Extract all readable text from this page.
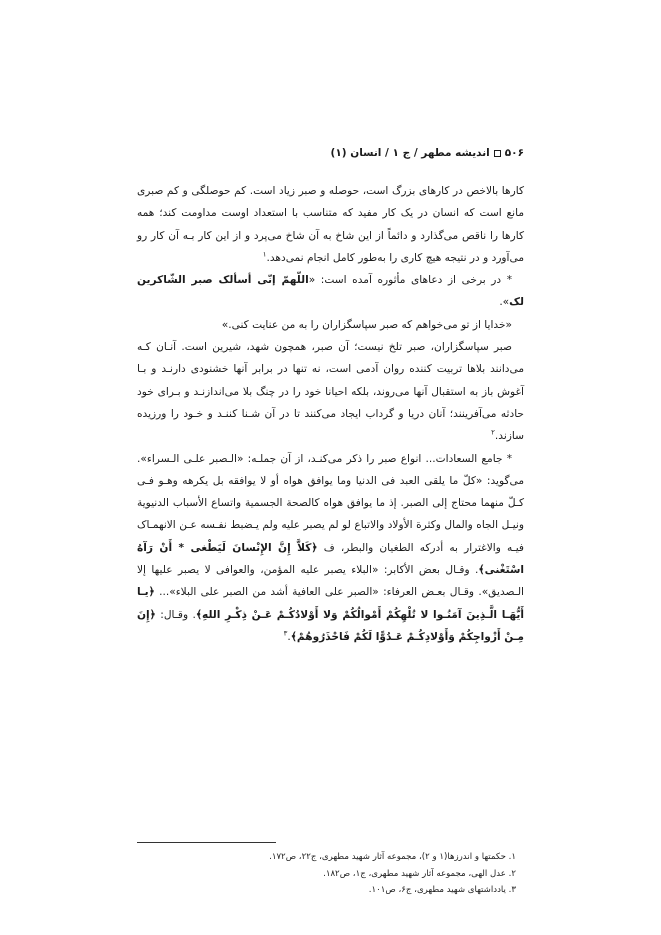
۵۰۶
اندیشه مطهر / ج ۱ / انسان (۱)

کارها بالاخص در کارهای بزرگ است، حوصله و صبر زیاد است. کم حوصلگی و کم صبری مانع است که انسان در یک کار مفید که متناسب با استعداد اوست مداومت کند؛ همه کارها را ناقص می‌گذارد و دائماً از این شاخ به آن شاخ می‌پرد و از این کار بـه آن کار رو می‌آورد و در نتیجه هیچ کاری را به‌طور کامل انجام نمی‌دهد.$^۱$

* در برخی از دعاهای مأثوره آمده است: «اللّهمّ إنّی أسألک صبر الشّاکرین لک».

«خدایا از تو می‌خواهم که صبر سپاسگزاران را به من عنایت کنی.»

صبر سپاسگزاران، صبر تلخ نیست؛ آن صبر، همچون شهد، شیرین است. آنـان کـه می‌دانند بلاها تربیت کننده روان آدمی است، نه تنها در برابر آنها خشنودی دارنـد و بـا آغوش باز به استقبال آنها می‌روند، بلکه احیانا خود را در چنگ بلا می‌اندازنـد و بـرای خود حادثه می‌آفرینند؛ آنان دریا و گرداب ایجاد می‌کنند تا در آن شـنا کننـد و خـود را ورزیده سازند.$^۲$

* جامع السعادات... انواع صبر را ذکر می‌کنـد، از آن جملـه: «الـصبر علـی الـسراء». می‌گوید: «کلّ ما یلقی العبد فی الدنیا وما یوافق هواه أو لا یوافقه بل یکرهه وهـو فـی کـلّ منهما محتاج إلی الصبر. إذ ما یوافق هواه کالصحة الجسمیة واتساع الأسباب الدنیویة ونیـل الجاه والمال وکثرة الأولاد والاتباع لو لم یصبر علیه ولم یـضبط نفـسه عـن الانهمـاک فیـه والاغترار به أدرکه الطغیان والبطر، ف ﴿کَلاَّ إِنَّ الإِنْسانَ لَیَطْغی * أَنْ رَآهُ اسْتَغْنی﴾. وقـال بعض الأکابر: «البلاء یصبر علیه المؤمن، والعوافی لا یصبر علیها إلا الـصدیق». وقـال بعـض العرفاء: «الصبر علی العافیة أشد من الصبر علی البلاء»... ﴿یـا أَیُّهَـا الَّـذِینَ آمَنُـوا لا تُلْهِکُمْ أَمْوالُکُمْ وَلا أَوْلادُکُـمْ عَـنْ ذِکْـرِ اللهِ﴾. وقـال: ﴿إِنَ مِـنْ أَزْواجِکُمْ وَأَوْلادِکُـمْ عَـدُوًّا لَکُمْ فَاحْذَرُوهُمْ﴾.$^۳$

۱. حکمتها و اندرزها(۱ و ۲)، مجموعه آثار شهید مطهری، ج۲۲، ص۱۷۲.
۲. عدل الهی، مجموعه آثار شهید مطهری، ج۱، ص۱۸۲.
۳. یادداشتهای شهید مطهری، ج۶، ص۱۰۱.
